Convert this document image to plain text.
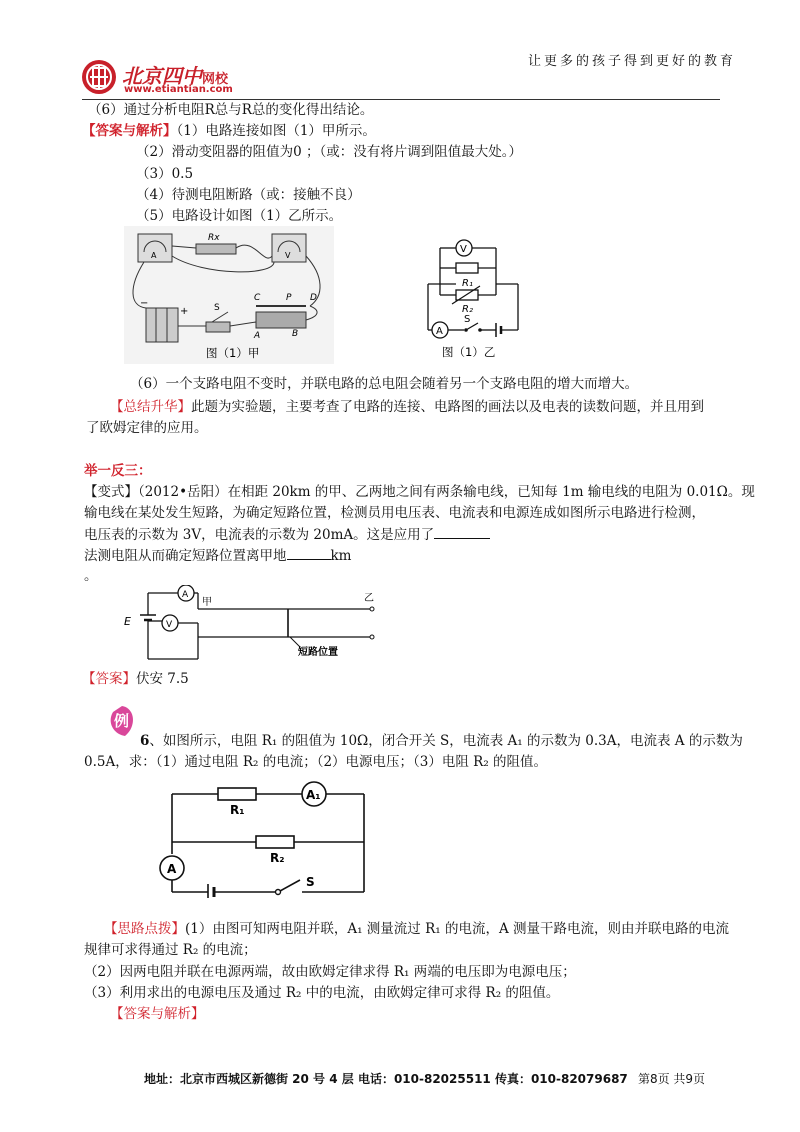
北京四中网校
www.etiantian.com
让更多的孩子得到更好的教育
（6）通过分析电阻R总与R总的变化得出结论。
【答案与解析】（1）电路连接如图（1）甲所示。
（2）滑动变阻器的阻值为0 ；（或：没有将片调到阻值最大处。）
（3）0.5
（4）待测电阻断路（或：接触不良）
（5）电路设计如图（1）乙所示。
A
Rx
V
−
+	S
C	P D
A	B
图（1）甲
V
R₁
R₂
A
S
图（1）乙
（6）一个支路电阻不变时，并联电路的总电阻会随着另一个支路电阻的增大而增大。
【总结升华】此题为实验题，主要考查了电路的连接、电路图的画法以及电表的读数问题，并且用到
了欧姆定律的应用。
举一反三：
【变式】（2012•岳阳）在相距 20km 的甲、乙两地之间有两条输电线，已知每 1m 输电线的电阻为 0.01Ω。现
输电线在某处发生短路，为确定短路位置，检测员用电压表、电流表和电源连成如图所示电路进行检测，
电压表的示数为 3V，电流表的示数为 20mA。这是应用了
法测电阻从而确定短路位置离甲地	km
。
E
A
甲
V
乙
短路位置
【答案】伏安 7.5
例
6、如图所示，电阻 R₁ 的阻值为 10Ω，闭合开关 S，电流表 A₁ 的示数为 0.3A，电流表 A 的示数为
0.5A，求：（1）通过电阻 R₂ 的电流；（2）电源电压；（3）电阻 R₂ 的阻值。
R₁
A₁
R₂
A
S
【思路点拨】(1）由图可知两电阻并联，A₁ 测量流过 R₁ 的电流，A 测量干路电流，则由并联电路的电流
规律可求得通过 R₂ 的电流；
（2）因两电阻并联在电源两端，故由欧姆定律求得 R₁ 两端的电压即为电源电压；
（3）利用求出的电源电压及通过 R₂ 中的电流，由欧姆定律可求得 R₂ 的阻值。
【答案与解析】
地址：北京市西城区新德街 20 号 4 层 电话：010-82025511 传真：010-82079687 第8页 共9页
